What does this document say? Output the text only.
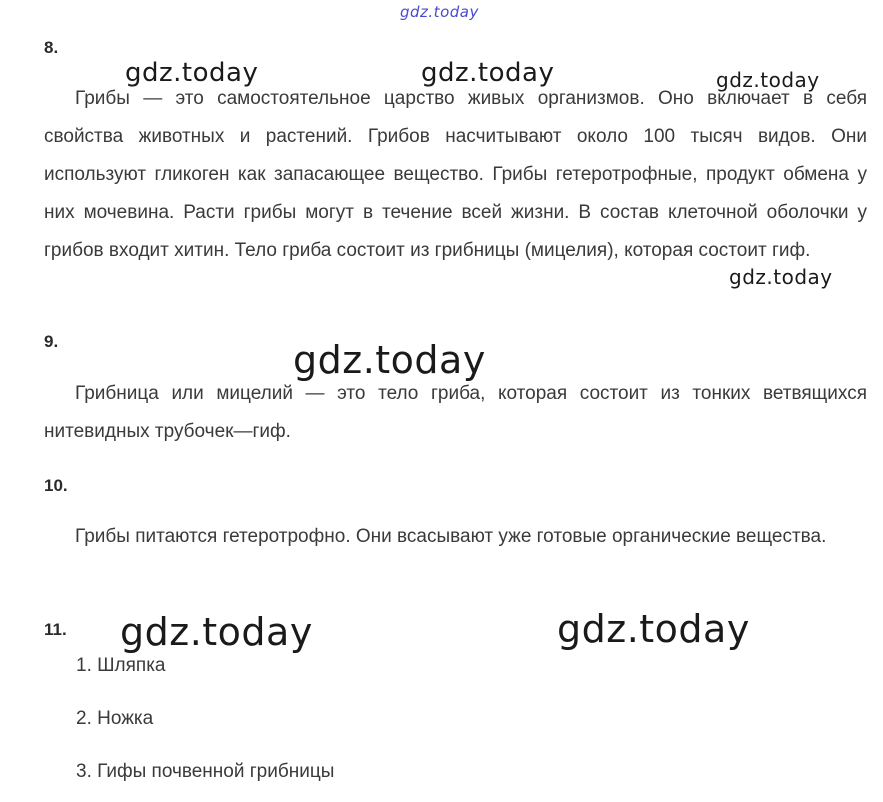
gdz.today
8.

Грибы — это самостоятельное царство живых организмов. Оно включает в себя свойства животных и растений. Грибов насчитывают около 100 тысяч видов. Они используют гликоген как запасающее вещество. Грибы гетеротрофные, продукт обмена у них мочевина. Расти грибы могут в течение всей жизни. В состав клеточной оболочки у грибов входит хитин. Тело гриба состоит из грибницы (мицелия), которая состоит гиф.

9.

Грибница или мицелий — это тело гриба, которая состоит из тонких ветвящихся нитевидных трубочек—гиф.

10.

Грибы питаются гетеротрофно. Они всасывают уже готовые органические вещества.

11.

1. Шляпка

2. Ножка

3. Гифы почвенной грибницы

gdz.today	gdz.today	gdz.today
gdz.today
gdz.today
gdz.today	gdz.today
